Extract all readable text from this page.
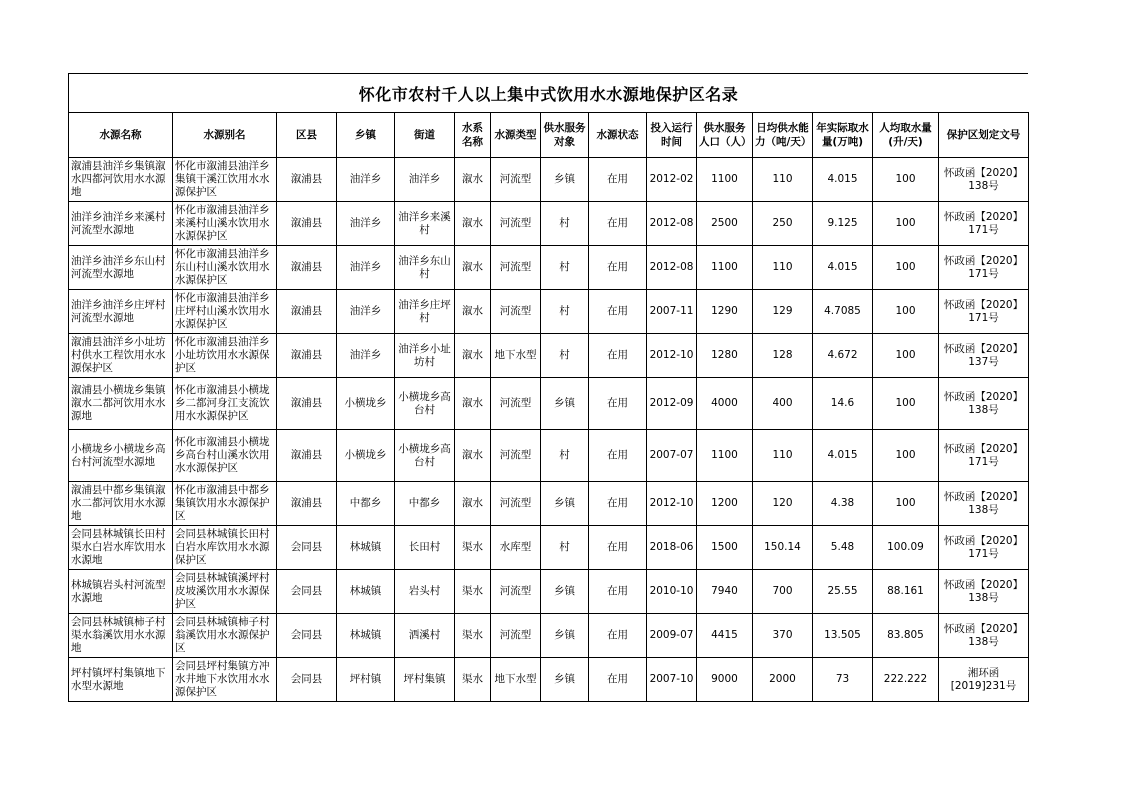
怀化市农村千人以上集中式饮用水水源地保护区名录
水源名称	水源别名	区县	乡镇	街道	水系名称	水源类型	供水服务对象	水源状态	投入运行时间	供水服务人口（人）	日均供水能力（吨/天）	年实际取水量(万吨)	人均取水量(升/天)	保护区划定文号
溆浦县油洋乡集镇溆水四都河饮用水水源地	怀化市溆浦县油洋乡集镇干溪江饮用水水源保护区	溆浦县	油洋乡	油洋乡	溆水	河流型	乡镇	在用	2012-02	1100	110	4.015	100	怀政函【2020】138号
油洋乡油洋乡来溪村河流型水源地	怀化市溆浦县油洋乡来溪村山溪水饮用水水源保护区	溆浦县	油洋乡	油洋乡来溪村	溆水	河流型	村	在用	2012-08	2500	250	9.125	100	怀政函【2020】171号
油洋乡油洋乡东山村河流型水源地	怀化市溆浦县油洋乡东山村山溪水饮用水水源保护区	溆浦县	油洋乡	油洋乡东山村	溆水	河流型	村	在用	2012-08	1100	110	4.015	100	怀政函【2020】171号
油洋乡油洋乡庄坪村河流型水源地	怀化市溆浦县油洋乡庄坪村山溪水饮用水水源保护区	溆浦县	油洋乡	油洋乡庄坪村	溆水	河流型	村	在用	2007-11	1290	129	4.7085	100	怀政函【2020】171号
溆浦县油洋乡小址坊村供水工程饮用水水源保护区	怀化市溆浦县油洋乡小址坊饮用水水源保护区	溆浦县	油洋乡	油洋乡小址坊村	溆水	地下水型	村	在用	2012-10	1280	128	4.672	100	怀政函【2020】137号
溆浦县小横垅乡集镇溆水二都河饮用水水源地	怀化市溆浦县小横垅乡二都河身江支流饮用水水源保护区	溆浦县	小横垅乡	小横垅乡高台村	溆水	河流型	乡镇	在用	2012-09	4000	400	14.6	100	怀政函【2020】138号
小横垅乡小横垅乡高台村河流型水源地	怀化市溆浦县小横垅乡高台村山溪水饮用水水源保护区	溆浦县	小横垅乡	小横垅乡高台村	溆水	河流型	村	在用	2007-07	1100	110	4.015	100	怀政函【2020】171号
溆浦县中都乡集镇溆水二都河饮用水水源地	怀化市溆浦县中都乡集镇饮用水水源保护区	溆浦县	中都乡	中都乡	溆水	河流型	乡镇	在用	2012-10	1200	120	4.38	100	怀政函【2020】138号
会同县林城镇长田村渠水白岩水库饮用水水源地	会同县林城镇长田村白岩水库饮用水水源保护区	会同县	林城镇	长田村	渠水	水库型	村	在用	2018-06	1500	150.14	5.48	100.09	怀政函【2020】171号
林城镇岩头村河流型水源地	会同县林城镇溪坪村皮坡溪饮用水水源保护区	会同县	林城镇	岩头村	渠水	河流型	乡镇	在用	2010-10	7940	700	25.55	88.161	怀政函【2020】138号
会同县林城镇柿子村渠水翁溪饮用水水源地	会同县林城镇柿子村翁溪饮用水水源保护区	会同县	林城镇	洒溪村	渠水	河流型	乡镇	在用	2009-07	4415	370	13.505	83.805	怀政函【2020】138号
坪村镇坪村集镇地下水型水源地	会同县坪村集镇方冲水井地下水饮用水水源保护区	会同县	坪村镇	坪村集镇	渠水	地下水型	乡镇	在用	2007-10	9000	2000	73	222.222	湘环函[2019]231号
